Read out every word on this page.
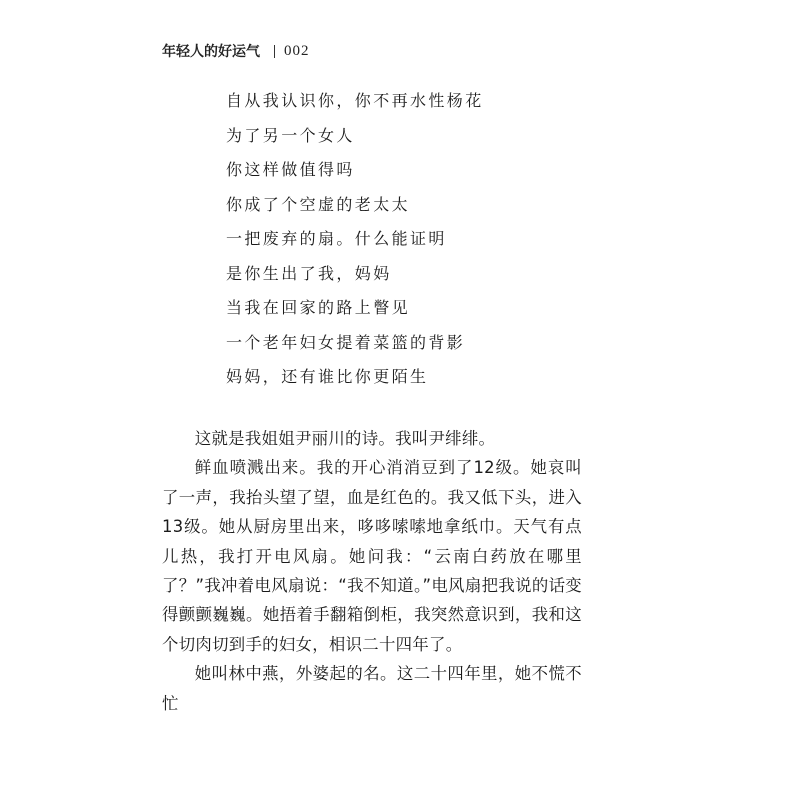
年轻人的好运气 002
自从我认识你，你不再水性杨花
为了另一个女人
你这样做值得吗
你成了个空虚的老太太
一把废弃的扇。什么能证明
是你生出了我，妈妈
当我在回家的路上瞥见
一个老年妇女提着菜篮的背影
妈妈，还有谁比你更陌生

这就是我姐姐尹丽川的诗。我叫尹绯绯。

鲜血喷溅出来。我的开心消消豆到了12级。她哀叫了一声，我抬头望了望，血是红色的。我又低下头，进入13级。她从厨房里出来，哆哆嗦嗦地拿纸巾。天气有点儿热，我打开电风扇。她问我：“云南白药放在哪里了？”我冲着电风扇说：“我不知道。”电风扇把我说的话变得颤颤巍巍。她捂着手翻箱倒柜，我突然意识到，我和这个切肉切到手的妇女，相识二十四年了。

她叫林中燕，外婆起的名。这二十四年里，她不慌不忙
